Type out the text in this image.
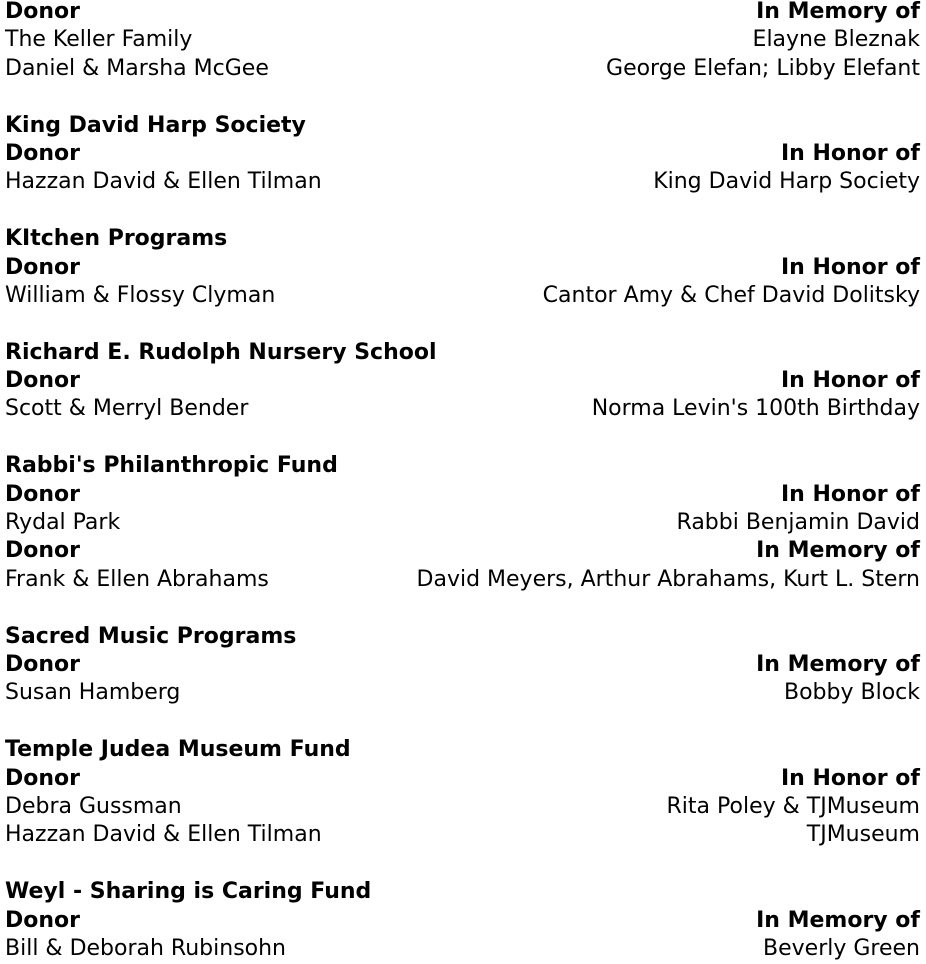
Donor	In Memory of
The Keller Family	Elayne Bleznak
Daniel & Marsha McGee	George Elefan; Libby Elefant
King David Harp Society
Donor	In Honor of
Hazzan David & Ellen Tilman	King David Harp Society
KItchen Programs
Donor	In Honor of
William & Flossy Clyman	Cantor Amy & Chef David Dolitsky
Richard E. Rudolph Nursery School
Donor	In Honor of
Scott & Merryl Bender	Norma Levin's 100th Birthday
Rabbi's Philanthropic Fund
Donor	In Honor of
Rydal Park	Rabbi Benjamin David
Donor	In Memory of
Frank & Ellen Abrahams	David Meyers, Arthur Abrahams, Kurt L. Stern
Sacred Music Programs
Donor	In Memory of
Susan Hamberg	Bobby Block
Temple Judea Museum Fund
Donor	In Honor of
Debra Gussman	Rita Poley & TJMuseum
Hazzan David & Ellen Tilman	TJMuseum
Weyl - Sharing is Caring Fund
Donor	In Memory of
Bill & Deborah Rubinsohn	Beverly Green
